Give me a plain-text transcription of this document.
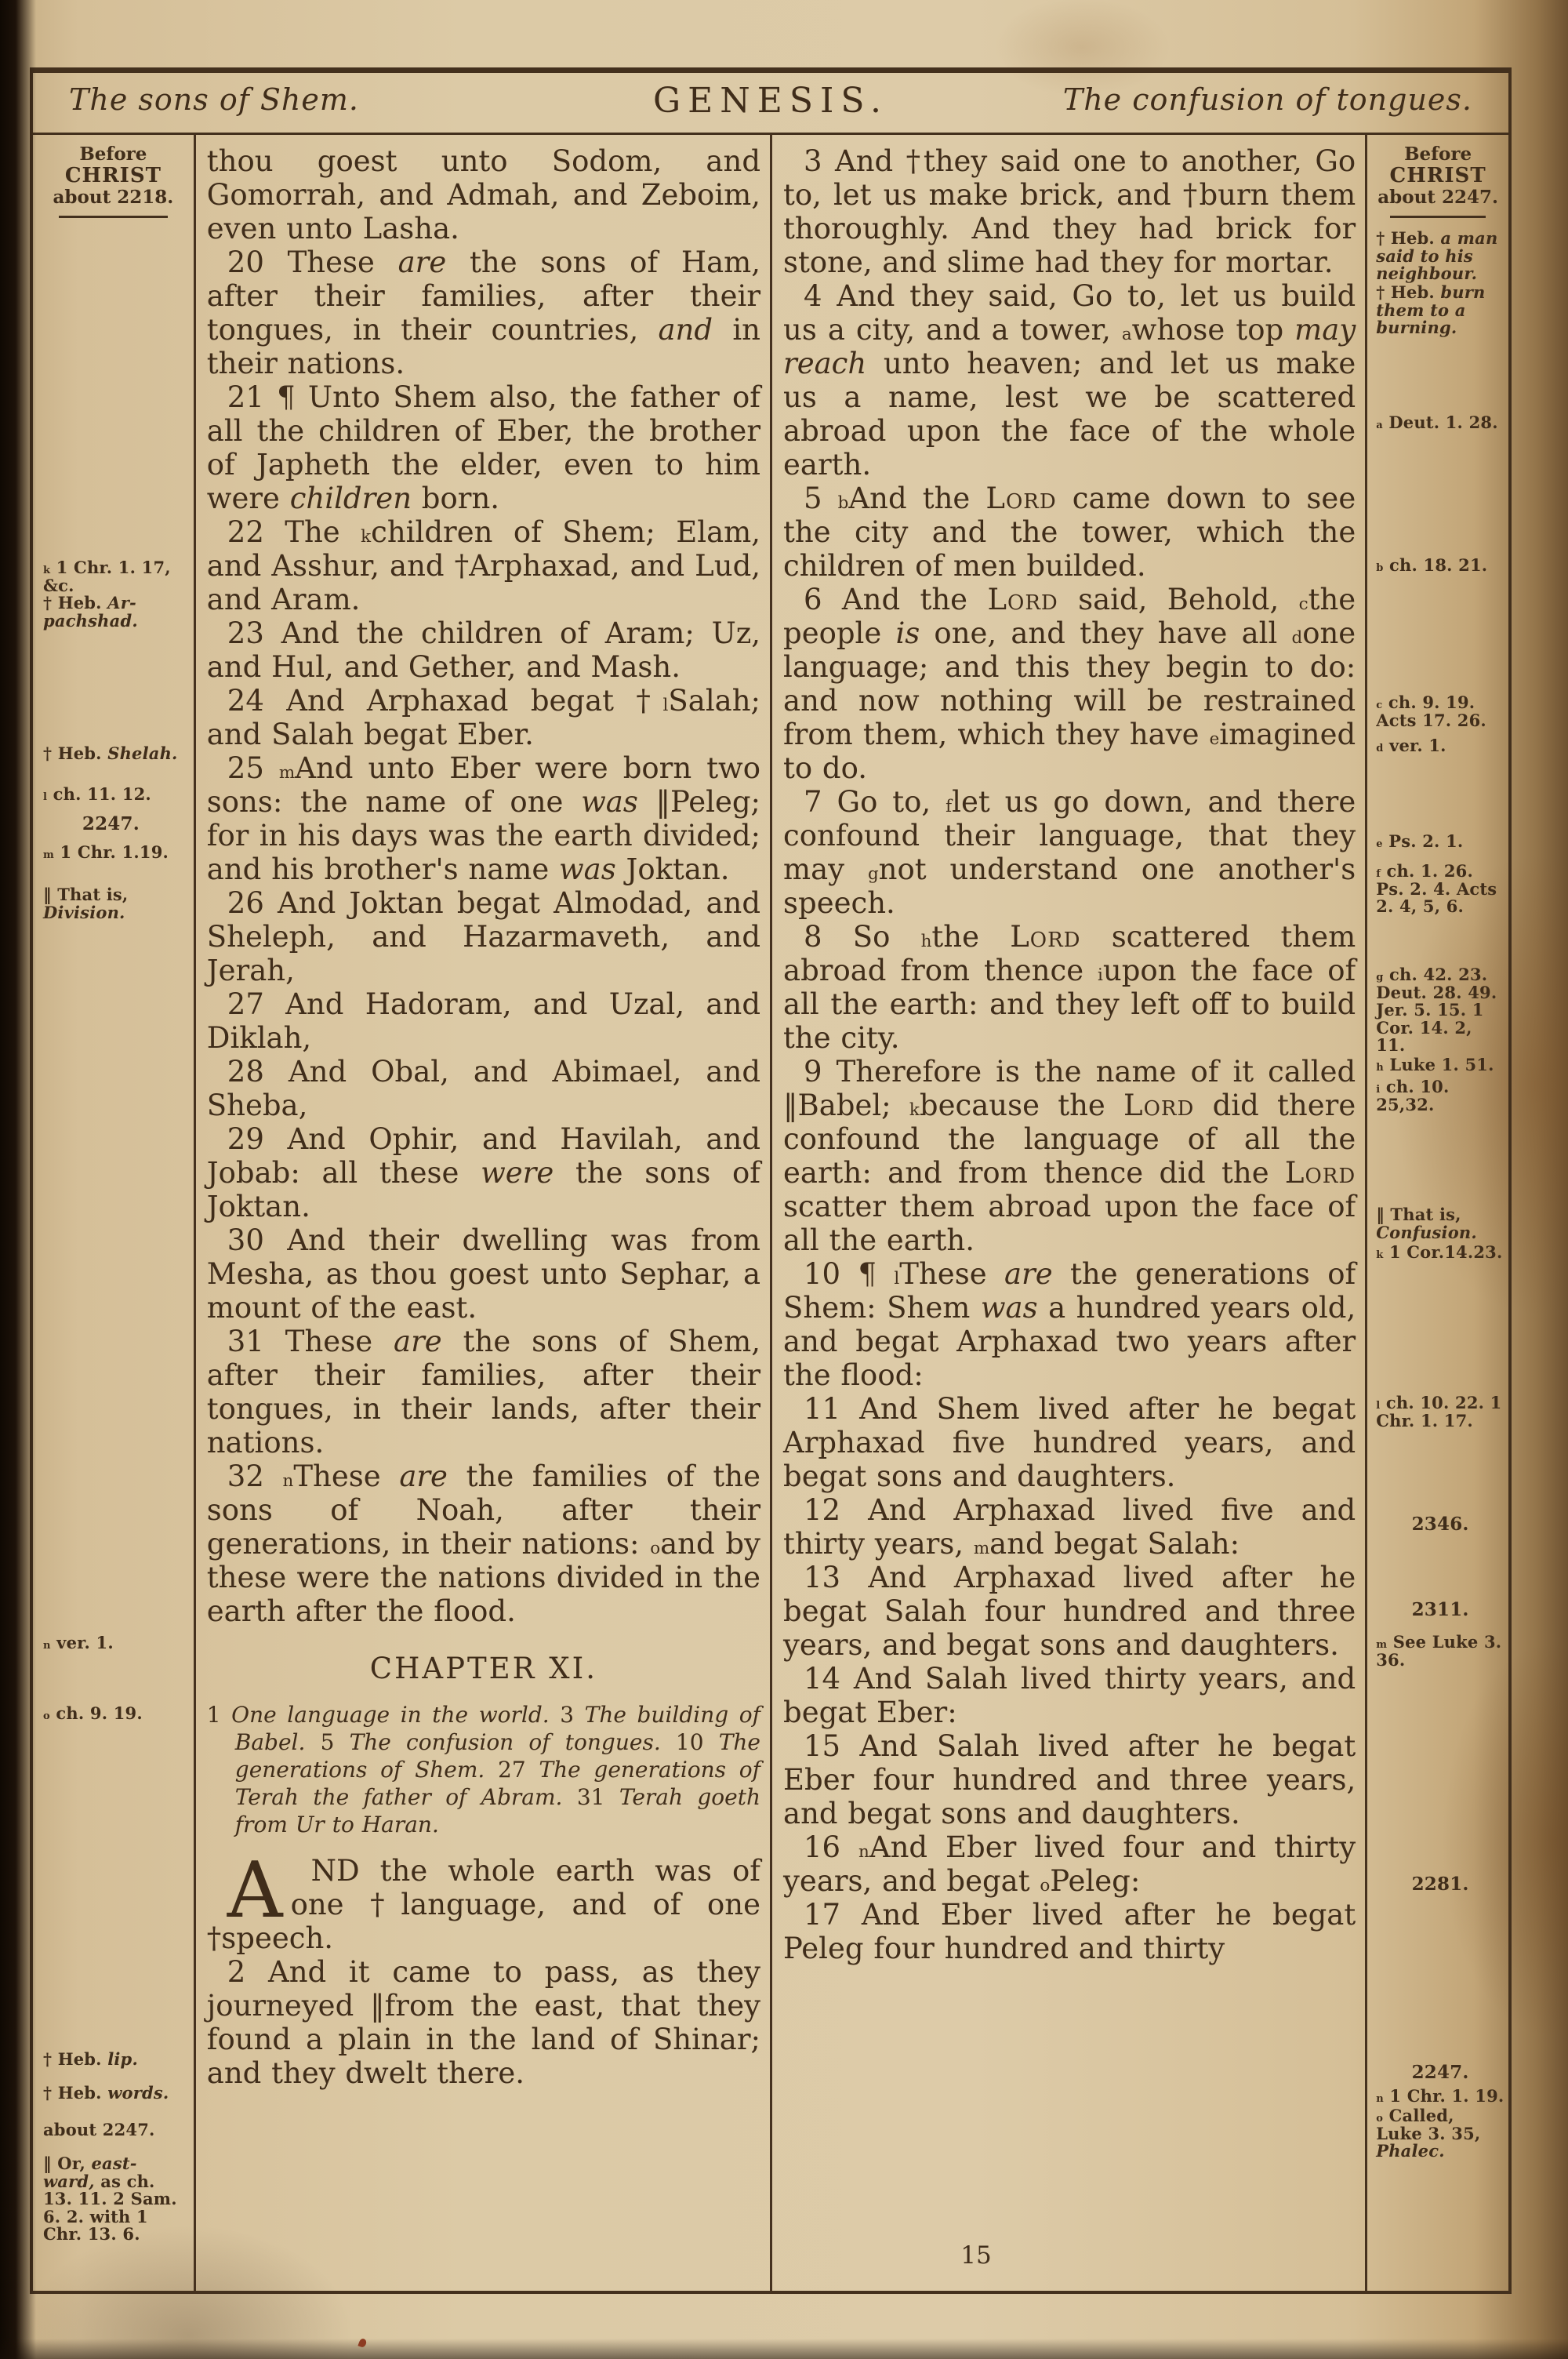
The sons of Shem.	GENESIS.	The confusion of tongues.
Before
CHRIST
about 2218.
$^k$ 1 Chr. 1. 17, &c.
† Heb. Ar-pachshad.
† Heb. Shelah.
$^l$ ch. 11. 12.
2247.
$^m$ 1 Chr. 1.19.
‖ That is, Division.
$^n$ ver. 1.
$^o$ ch. 9. 19.
† Heb. lip.
† Heb. words.
about 2247.
‖ Or, east-ward, as ch. 13. 11. 2 Sam. 6. 2. with 1 Chr. 13. 6.

thou goest unto Sodom, and Gomorrah, and Admah, and Zeboim, even unto Lasha.

20 These are the sons of Ham, after their families, after their tongues, in their countries, and in their nations.

21 ¶ Unto Shem also, the father of all the children of Eber, the brother of Japheth the elder, even to him were children born.

22 The $^k$children of Shem; Elam, and Asshur, and †Arphaxad, and Lud, and Aram.

23 And the children of Aram; Uz, and Hul, and Gether, and Mash.

24 And Arphaxad begat †$^l$Salah; and Salah begat Eber.

25 $^m$And unto Eber were born two sons: the name of one was ‖Peleg; for in his days was the earth divided; and his brother's name was Joktan.

26 And Joktan begat Almodad, and Sheleph, and Hazarmaveth, and Jerah,

27 And Hadoram, and Uzal, and Diklah,

28 And Obal, and Abimael, and Sheba,

29 And Ophir, and Havilah, and Jobab: all these were the sons of Joktan.

30 And their dwelling was from Mesha, as thou goest unto Sephar, a mount of the east.

31 These are the sons of Shem, after their families, after their tongues, in their lands, after their nations.

32 $^n$These are the families of the sons of Noah, after their generations, in their nations: $^o$and by these were the nations divided in the earth after the flood.

CHAPTER XI.

1 One language in the world. 3 The building of Babel. 5 The confusion of tongues. 10 The generations of Shem. 27 The generations of Terah the father of Abram. 31 Terah goeth from Ur to Haran.

AND the whole earth was of one †language, and of one †speech.

2 And it came to pass, as they journeyed ‖from the east, that they found a plain in the land of Shinar; and they dwelt there.

3 And †they said one to another, Go to, let us make brick, and †burn them thoroughly. And they had brick for stone, and slime had they for mortar.

4 And they said, Go to, let us build us a city, and a tower, $^a$whose top may reach unto heaven; and let us make us a name, lest we be scattered abroad upon the face of the whole earth.

5 $^b$And the Lord came down to see the city and the tower, which the children of men builded.

6 And the Lord said, Behold, $^c$the people is one, and they have all $^d$one language; and this they begin to do: and now nothing will be restrained from them, which they have $^e$imagined to do.

7 Go to, $^f$let us go down, and there confound their language, that they may $^g$not understand one another's speech.

8 So $^h$the Lord scattered them abroad from thence $^i$upon the face of all the earth: and they left off to build the city.

9 Therefore is the name of it called ‖Babel; $^k$because the Lord did there confound the language of all the earth: and from thence did the Lord scatter them abroad upon the face of all the earth.

10 ¶ $^l$These are the generations of Shem: Shem was a hundred years old, and begat Arphaxad two years after the flood:

11 And Shem lived after he begat Arphaxad five hundred years, and begat sons and daughters.

12 And Arphaxad lived five and thirty years, $^m$and begat Salah:

13 And Arphaxad lived after he begat Salah four hundred and three years, and begat sons and daughters.

14 And Salah lived thirty years, and begat Eber:

15 And Salah lived after he begat Eber four hundred and three years, and begat sons and daughters.

16 $^n$And Eber lived four and thirty years, and begat $^o$Peleg:

17 And Eber lived after he begat Peleg four hundred and thirty

Before
CHRIST
about 2247.
† Heb. a man said to his neighbour.
† Heb. burn them to a burning.
$^a$ Deut. 1. 28.
$^b$ ch. 18. 21.
$^c$ ch. 9. 19. Acts 17. 26.
$^d$ ver. 1.
$^e$ Ps. 2. 1.
$^f$ ch. 1. 26. Ps. 2. 4. Acts 2. 4, 5, 6.
$^g$ ch. 42. 23. Deut. 28. 49. Jer. 5. 15. 1 Cor. 14. 2, 11.
$^h$ Luke 1. 51.
$^i$ ch. 10. 25,32.
‖ That is, Confusion.
$^k$ 1 Cor.14.23.
$^l$ ch. 10. 22. 1 Chr. 1. 17.
2346.
2311.
$^m$ See Luke 3. 36.
2281.
2247.
$^n$ 1 Chr. 1. 19.
$^o$ Called, Luke 3. 35, Phalec.
15
